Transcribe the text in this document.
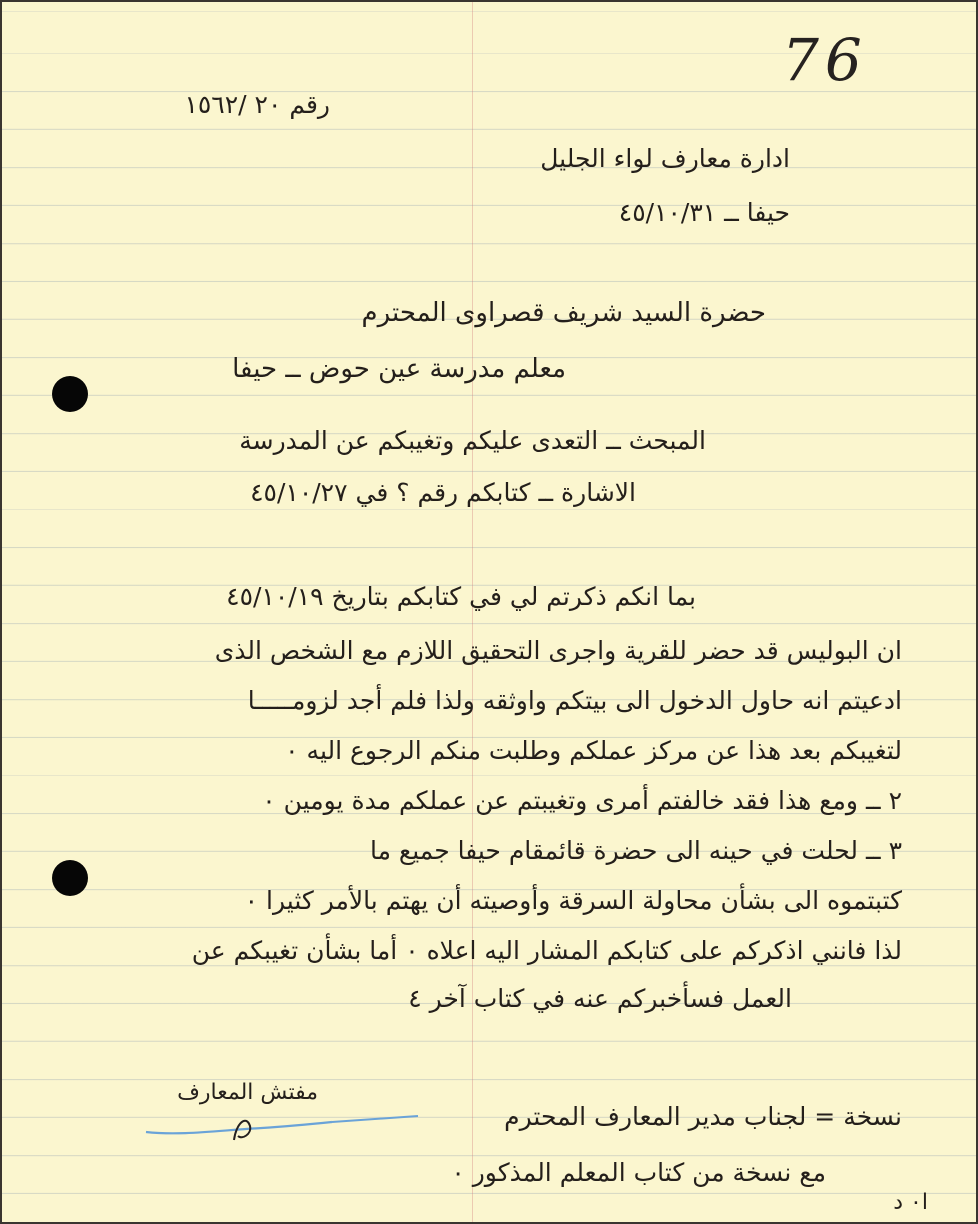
76
رقم ٢٠ /١٥٦٢
ادارة معارف لواء الجليل
حيفا ــ ٤٥/١٠/٣١
حضرة السيد شريف قصراوى المحترم
معلم مدرسة عين حوض ــ حيفا
المبحث ــ التعدى عليكم وتغيبكم عن المدرسة
الاشارة ــ كتابكم رقم ؟ في ٤٥/١٠/٢٧
بما انكم ذكرتم لي في كتابكم بتاريخ ٤٥/١٠/١٩
ان البوليس قد حضر للقرية واجرى التحقيق اللازم مع الشخص الذى
ادعيتم انه حاول الدخول الى بيتكم واوثقه ولذا فلم أجد لزومـــــا
لتغيبكم بعد هذا عن مركز عملكم وطلبت منكم الرجوع اليه ٠
٢ ــ ومع هذا فقد خالفتم أمرى وتغيبتم عن عملكم مدة يومين ٠
٣ ــ لحلت في حينه الى حضرة قائمقام حيفا جميع ما
كتبتموه الى بشأن محاولة السرقة وأوصيته أن يهتم بالأمر كثيرا ٠
لذا فانني اذكركم على كتابكم المشار اليه اعلاه ٠ أما بشأن تغيبكم عن
العمل فسأخبركم عنه في كتاب آخر ٤
مفتش المعارف
نسخة = لجناب مدير المعارف المحترم
مع نسخة من كتاب المعلم المذكور ٠
ا٠ د
